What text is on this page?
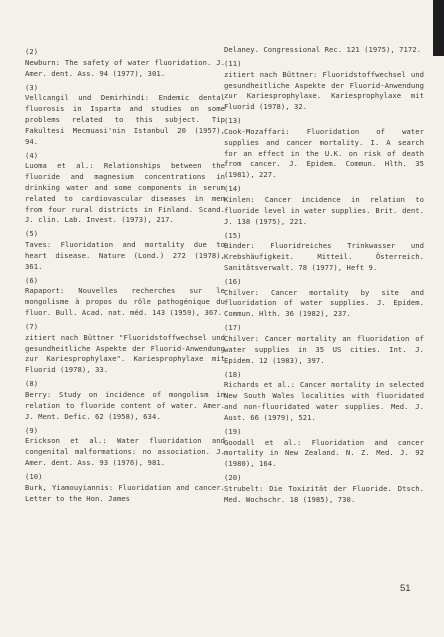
(2)
Newburn: The safety of water fluoridation. J. Amer. dent. Ass. 94 (1977), 301.
(3)
Vellcangil und Demirhindi: Endemic dental fluorosis in Isparta and studies on some problems related to this subject. Tip Fakultesi Mecmuasi'nin Istanbul 20 (1957), 94.
(4)
Luoma et al.: Relationships between the fluoride and magnesium concentrations in drinking water and some components in serum related to cardiovascular diseases in men from four rural districts in Finland. Scand. J. clin. Lab. Invest. (1973), 217.
(5)
Taves: Fluoridation and mortality due to heart disease. Nature (Lond.) 272 (1978), 361.
(6)
Rapaport: Nouvelles recherches sur le mongolisme à propos du rôle pathogénique du fluor. Bull. Acad. nat. méd. 143 (1959), 367.
(7)
zitiert nach Büttner "Fluoridstoffwechsel und gesundheitliche Aspekte der Fluorid-Anwendung zur Kariesprophylaxe". Kariesprophylaxe mit Fluorid (1978), 33.
(8)
Berry: Study on incidence of mongolism in relation to fluoride content of water. Amer. J. Ment. Defic. 62 (1958), 634.
(9)
Erickson et al.: Water fluoridation and congenital malformations: no association. J. Amer. dent. Ass. 93 (1976), 981.
(10)
Burk, Yiamouyiannis: Fluoridation and cancer. Letter to the Hon. James
Delaney. Congressional Rec. 121 (1975), 7172.
(11)
zitiert nach Büttner: Fluoridstoffwechsel und gesundheitliche Aspekte der Fluorid-Anwendung zur Kariesprophylaxe. Kariesprophylaxe mit Fluorid (1978), 32.
(13)
Cook-Mozaffari: Fluoridation of water supplies and cancer mortality. I. A search for an effect in the U.K. on risk of death from cancer. J. Epidem. Commun. Hlth. 35 (1981), 227.
(14)
Kinlen: Cancer incidence in relation to fluoride level in water supplies. Brit. dent. J. 138 (1975), 221.
(15)
Binder: Fluoridreiches Trinkwasser und Krebshäufigkeit. Mitteil. Österreich. Sanitätsverwalt. 78 (1977), Heft 9.
(16)
Chilver: Cancer mortality by site and fluoridation of water supplies. J. Epidem. Commun. Hlth. 36 (1982), 237.
(17)
Chilver: Cancer mortality an fluoridation of water supplies in 35 US cities. Int. J. Epidem. 12 (1983), 397.
(18)
Richards et al.: Cancer mortality in selected New South Wales localities with fluoridated and non-fluoridated water supplies. Med. J. Aust. 66 (1979), 521.
(19)
Goodall et al.: Fluoridation and cancer mortality in New Zealand. N. Z. Med. J. 92 (1980), 164.
(20)
Strubelt: Die Toxizität der Fluoride. Dtsch. Med. Wochschr. 18 (1985), 730.
51
